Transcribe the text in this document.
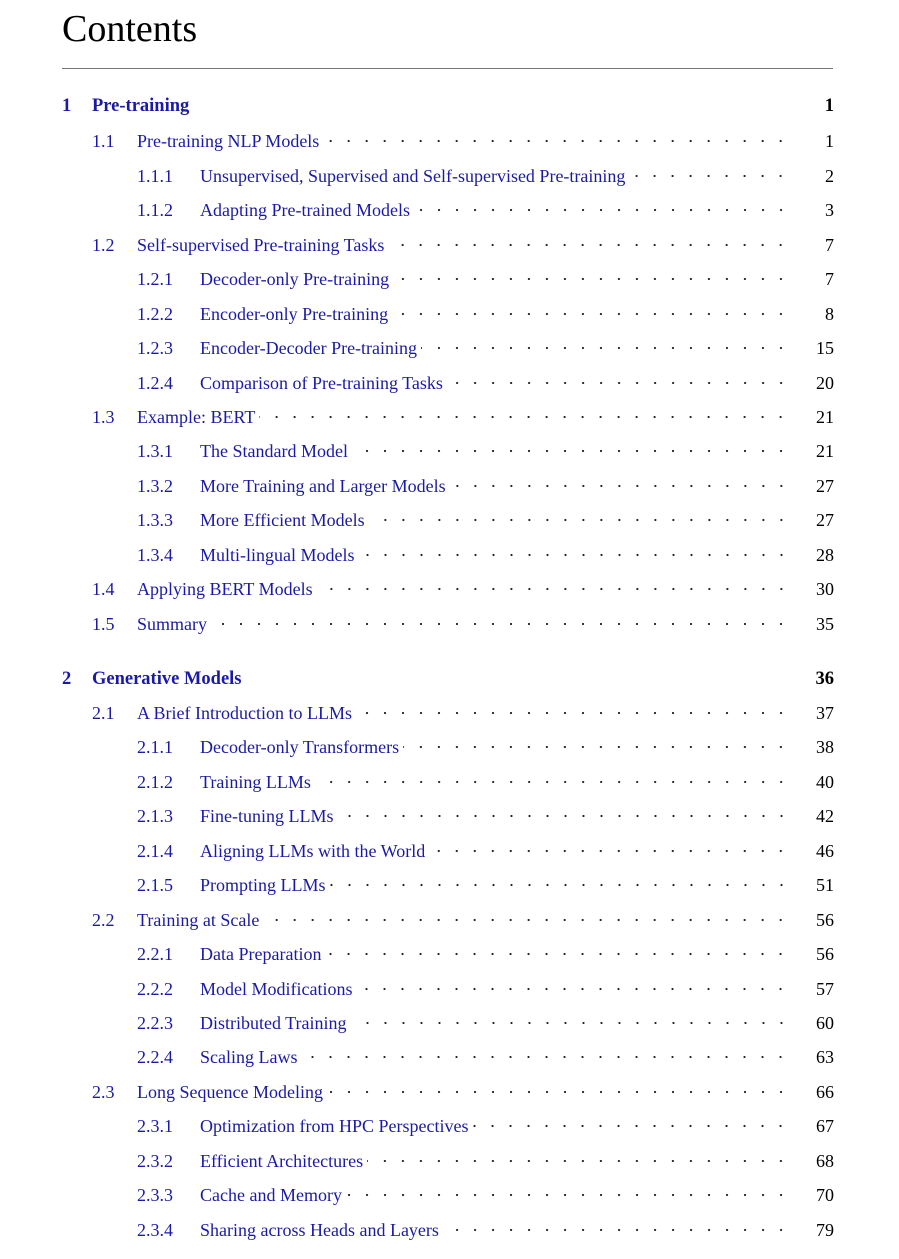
Contents
1	Pre-training	1
1.1	Pre-training NLP Models	1
1.1.1	Unsupervised, Supervised and Self-supervised Pre-training	2
1.1.2	Adapting Pre-trained Models	3
1.2	Self-supervised Pre-training Tasks	7
1.2.1	Decoder-only Pre-training	7
1.2.2	Encoder-only Pre-training	8
1.2.3	Encoder-Decoder Pre-training	15
1.2.4	Comparison of Pre-training Tasks	20
1.3	Example: BERT	21
1.3.1	The Standard Model	21
1.3.2	More Training and Larger Models	27
1.3.3	More Efficient Models	27
1.3.4	Multi-lingual Models	28
1.4	Applying BERT Models	30
1.5	Summary	35
2	Generative Models	36
2.1	A Brief Introduction to LLMs	37
2.1.1	Decoder-only Transformers	38
2.1.2	Training LLMs	40
2.1.3	Fine-tuning LLMs	42
2.1.4	Aligning LLMs with the World	46
2.1.5	Prompting LLMs	51
2.2	Training at Scale	56
2.2.1	Data Preparation	56
2.2.2	Model Modifications	57
2.2.3	Distributed Training	60
2.2.4	Scaling Laws	63
2.3	Long Sequence Modeling	66
2.3.1	Optimization from HPC Perspectives	67
2.3.2	Efficient Architectures	68
2.3.3	Cache and Memory	70
2.3.4	Sharing across Heads and Layers	79
